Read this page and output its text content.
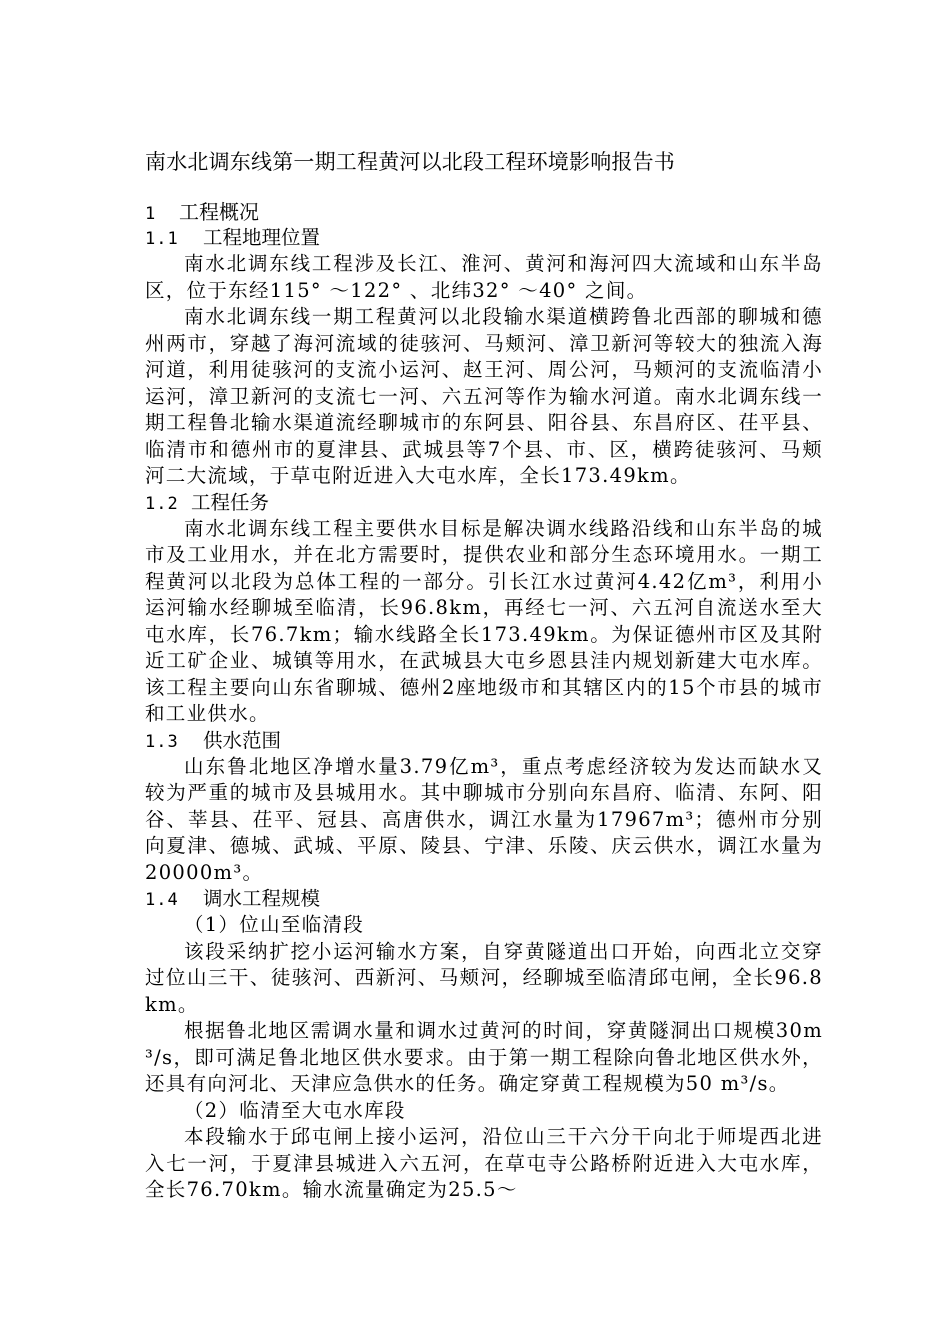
南水北调东线第一期工程黄河以北段工程环境影响报告书
1 工程概况
1.1 工程地理位置

南水北调东线工程涉及长江、淮河、黄河和海河四大流域和山东半岛区，位于东经115° ～122° 、北纬32° ～40° 之间。

南水北调东线一期工程黄河以北段输水渠道横跨鲁北西部的聊城和德州两市，穿越了海河流域的徒骇河、马颊河、漳卫新河等较大的独流入海河道，利用徒骇河的支流小运河、赵王河、周公河，马颊河的支流临清小运河，漳卫新河的支流七一河、六五河等作为输水河道。南水北调东线一期工程鲁北输水渠道流经聊城市的东阿县、阳谷县、东昌府区、茌平县、临清市和德州市的夏津县、武城县等7个县、市、区，横跨徒骇河、马颊河二大流域，于草屯附近进入大屯水库，全长173.49km。

1.2 工程任务

南水北调东线工程主要供水目标是解决调水线路沿线和山东半岛的城市及工业用水，并在北方需要时，提供农业和部分生态环境用水。一期工程黄河以北段为总体工程的一部分。引长江水过黄河4.42亿m³，利用小运河输水经聊城至临清，长96.8km，再经七一河、六五河自流送水至大屯水库，长76.7km；输水线路全长173.49km。为保证德州市区及其附近工矿企业、城镇等用水，在武城县大屯乡恩县洼内规划新建大屯水库。该工程主要向山东省聊城、德州2座地级市和其辖区内的15个市县的城市和工业供水。

1.3 供水范围

山东鲁北地区净增水量3.79亿m³，重点考虑经济较为发达而缺水又较为严重的城市及县城用水。其中聊城市分别向东昌府、临清、东阿、阳谷、莘县、茌平、冠县、高唐供水，调江水量为17967m³；德州市分别向夏津、德城、武城、平原、陵县、宁津、乐陵、庆云供水，调江水量为20000m³。

1.4 调水工程规模

（1）位山至临清段

该段采纳扩挖小运河输水方案，自穿黄隧道出口开始，向西北立交穿过位山三干、徒骇河、西新河、马颊河，经聊城至临清邱屯闸，全长96.8km。

根据鲁北地区需调水量和调水过黄河的时间，穿黄隧洞出口规模30m³/s，即可满足鲁北地区供水要求。由于第一期工程除向鲁北地区供水外，还具有向河北、天津应急供水的任务。确定穿黄工程规模为50 m³/s。

（2）临清至大屯水库段

本段输水于邱屯闸上接小运河，沿位山三干六分干向北于师堤西北进入七一河，于夏津县城进入六五河，在草屯寺公路桥附近进入大屯水库，全长76.70km。输水流量确定为25.5～
